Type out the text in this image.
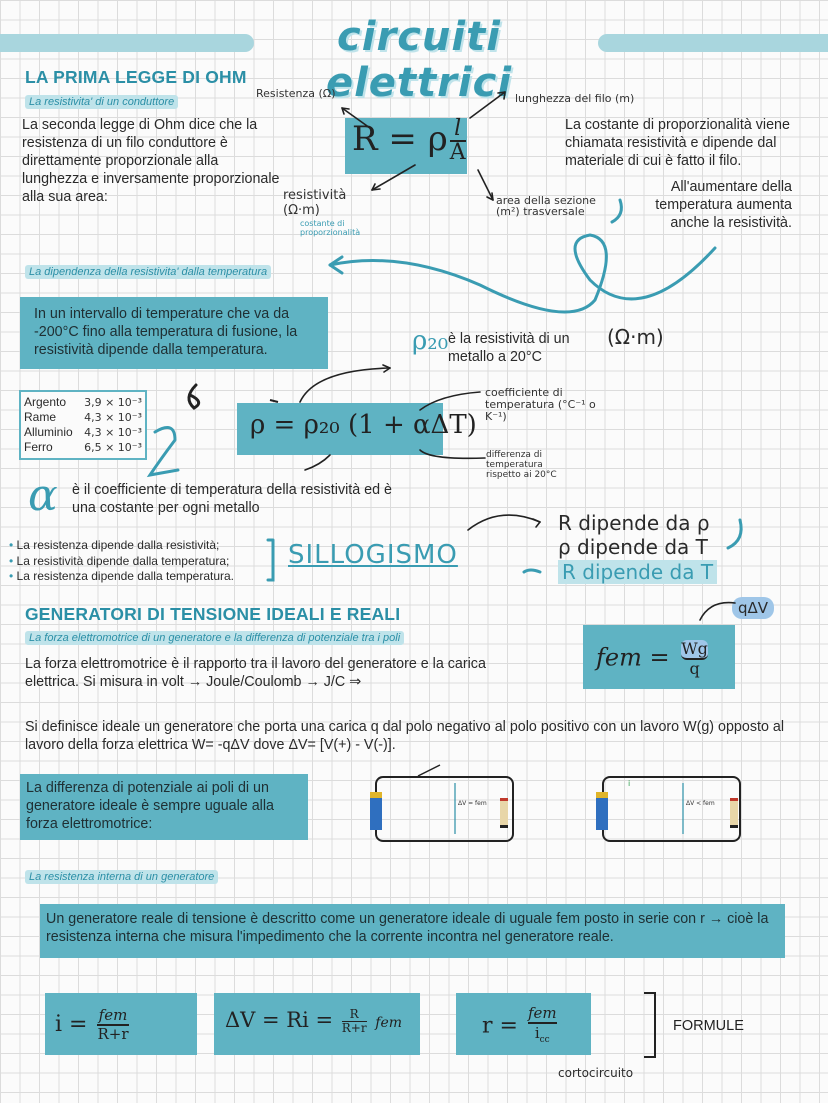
circuiti elettrici
LA PRIMA LEGGE DI OHM
La resistivita' di un conduttore
La seconda legge di Ohm dice che la resistenza di un filo conduttore è direttamente proporzionale alla lunghezza e inversamente proporzionale alla sua area:
R = ρ $\frac{l}{A}$
Resistenza (Ω)	lunghezza del filo (m)
resistività (Ω·m)
costante di proporzionalità
area della sezione (m²) trasversale
La costante di proporzionalità viene chiamata resistività e dipende dal materiale di cui è fatto il filo.
All'aumentare della temperatura aumenta anche la resistività.
La dipendenza della resistivita' dalla temperatura
In un intervallo di temperature che va da -200°C fino alla temperatura di fusione, la resistività dipende dalla temperatura.	ρ₂₀ è la resistività di un metallo a 20°C
(Ω·m)
Argento 3,9 × 10⁻³
Rame	4,3 × 10⁻³
Alluminio 4,3 × 10⁻³
Ferro	6,5 × 10⁻³
ρ = ρ₂₀ (1 + αΔT)
coefficiente di temperatura (°C⁻¹ o K⁻¹)
differenza di temperatura rispetto ai 20°C
α è il coefficiente di temperatura della resistività ed è una costante per ogni metallo
• La resistenza dipende dalla resistività;
• La resistività dipende dalla temperatura;
• La resistenza dipende dalla temperatura.
SILLOGISMO
R dipende da ρ
ρ dipende da T
R dipende da T
GENERATORI DI TENSIONE IDEALI E REALI
La forza elettromotrice di un generatore e la differenza di potenziale tra i poli
La forza elettromotrice è il rapporto tra il lavoro del generatore e la carica elettrica. Si misura in volt → Joule/Coulomb → J/C ⇒
fem = $\frac{Wg}{q}$
qΔV
Si definisce ideale un generatore che porta una carica q dal polo negativo al polo positivo con un lavoro W(g) opposto al lavoro della forza elettrica W= -qΔV dove ΔV= [V(+) - V(-)].
La differenza di potenziale ai poli di un generatore ideale è sempre uguale alla forza elettromotrice:
ΔV = fem	ΔV < fem
i
La resistenza interna di un generatore
Un generatore reale di tensione è descritto come un generatore ideale di uguale fem posto in serie con r → cioè la resistenza interna che misura l'impedimento che la corrente incontra nel generatore reale.
i = fem
R+r
$\Delta V = Ri = \frac{R}{R+r}$ fem	r =
fem
$i_{cc}$
cortocircuito
FORMULE
